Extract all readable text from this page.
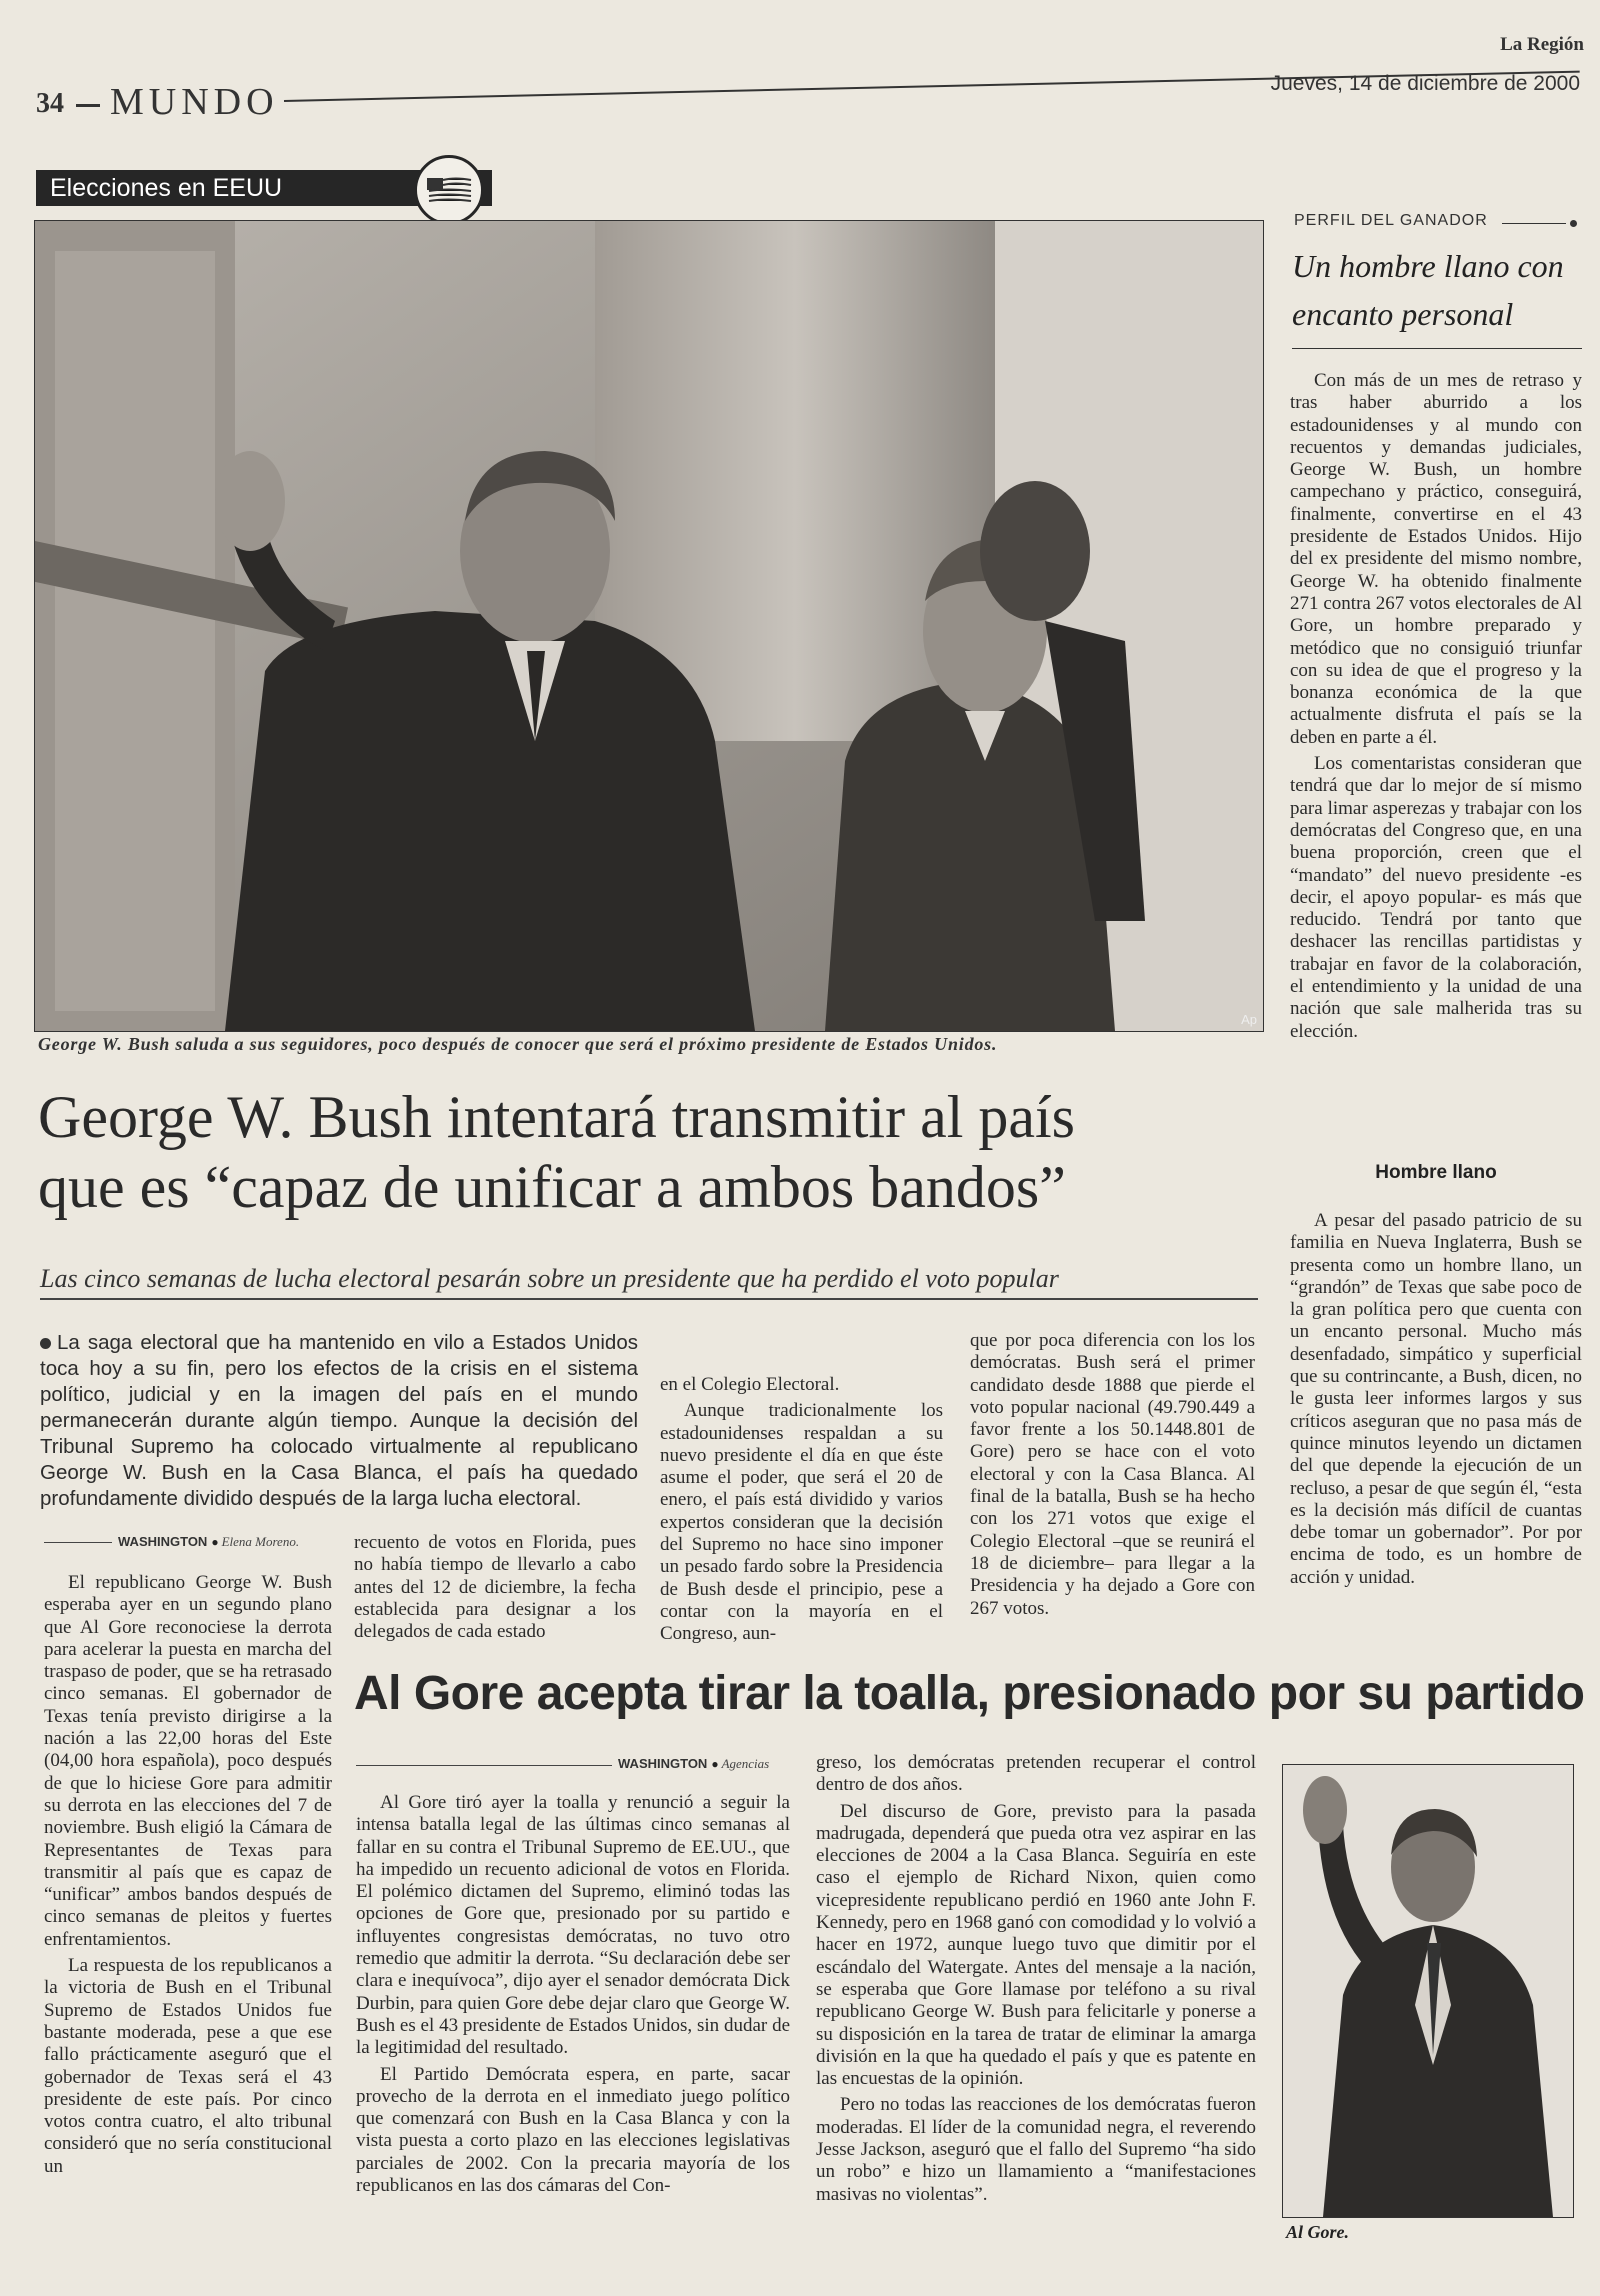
La Región
34 MUNDO	Jueves, 14 de diciembre de 2000
Elecciones en EEUU
Ap
George W. Bush saluda a sus seguidores, poco después de conocer que será el próximo presidente de Estados Unidos.
George W. Bush intentará transmitir al país
que es “capaz de unificar a ambos bandos”
Las cinco semanas de lucha electoral pesarán sobre un presidente que ha perdido el voto popular
La saga electoral que ha mantenido en vilo a Estados Unidos toca hoy a su fin, pero los efectos de la crisis en el sistema político, judicial y en la imagen del país en el mundo permanecerán durante algún tiempo. Aunque la decisión del Tribunal Supremo ha colocado virtualmente al republicano George W. Bush en la Casa Blanca, el país ha quedado profundamente dividido después de la larga lucha electoral.
WASHINGTON ● Elena Moreno.

El republicano George W. Bush esperaba ayer en un segundo plano que Al Gore reconociese la derrota para acelerar la puesta en marcha del traspaso de poder, que se ha retrasado cinco semanas. El gobernador de Texas tenía previsto dirigirse a la nación a las 22,00 horas del Este (04,00 hora española), poco después de que lo hiciese Gore para admitir su derrota en las elecciones del 7 de noviembre. Bush eligió la Cámara de Representantes de Texas para transmitir al país que es capaz de “unificar” ambos bandos después de cinco semanas de pleitos y fuertes enfrentamientos.

La respuesta de los republicanos a la victoria de Bush en el Tribunal Supremo de Estados Unidos fue bastante moderada, pese a que ese fallo prácticamente aseguró que el gobernador de Texas será el 43 presidente de este país. Por cinco votos contra cuatro, el alto tribunal consideró que no sería constitucional un

recuento de votos en Florida, pues no había tiempo de llevarlo a cabo antes del 12 de diciembre, la fecha establecida para designar a los delegados de cada estado

en el Colegio Electoral.

Aunque tradicionalmente los estadounidenses respaldan a su nuevo presidente el día en que éste asume el poder, que será el 20 de enero, el país está dividido y varios expertos consideran que la decisión del Supremo no hace sino imponer un pesado fardo sobre la Presidencia de Bush desde el principio, pese a contar con la mayoría en el Congreso, aun-

que por poca diferencia con los los demócratas. Bush será el primer candidato desde 1888 que pierde el voto popular nacional (49.790.449 a favor frente a los 50.1448.801 de Gore) pero se hace con el voto electoral y con la Casa Blanca. Al final de la batalla, Bush se ha hecho con los 271 votos que exige el Colegio Electoral –que se reunirá el 18 de diciembre– para llegar a la Presidencia y ha dejado a Gore con 267 votos.

PERFIL DEL GANADOR
Un hombre llano con encanto personal

Con más de un mes de retraso y tras haber aburrido a los estadounidenses y al mundo con recuentos y demandas judiciales, George W. Bush, un hombre campechano y práctico, conseguirá, finalmente, convertirse en el 43 presidente de Estados Unidos. Hijo del ex presidente del mismo nombre, George W. ha obtenido finalmente 271 contra 267 votos electorales de Al Gore, un hombre preparado y metódico que no consiguió triunfar con su idea de que el progreso y la bonanza económica de la que actualmente disfruta el país se la deben en parte a él.

Los comentaristas consideran que tendrá que dar lo mejor de sí mismo para limar asperezas y trabajar con los demócratas del Congreso que, en una buena proporción, creen que el “mandato” del nuevo presidente -es decir, el apoyo popular- es más que reducido. Tendrá por tanto que deshacer las rencillas partidistas y trabajar en favor de la colaboración, el entendimiento y la unidad de una nación que sale malherida tras su elección.

Hombre llano

A pesar del pasado patricio de su familia en Nueva Inglaterra, Bush se presenta como un hombre llano, un “grandón” de Texas que sabe poco de la gran política pero que cuenta con un encanto personal. Mucho más desenfadado, simpático y superficial que su contrincante, a Bush, dicen, no le gusta leer informes largos y sus críticos aseguran que no pasa más de quince minutos leyendo un dictamen del que depende la ejecución de un recluso, a pesar de que según él, “esta es la decisión más difícil de cuantas debe tomar un gobernador”. Por por encima de todo, es un hombre de acción y unidad.

Al Gore acepta tirar la toalla, presionado por su partido
WASHINGTON ● Agencias

Al Gore tiró ayer la toalla y renunció a seguir la intensa batalla legal de las últimas cinco semanas al fallar en su contra el Tribunal Supremo de EE.UU., que ha impedido un recuento adicional de votos en Florida. El polémico dictamen del Supremo, eliminó todas las opciones de Gore que, presionado por su partido e influyentes congresistas demócratas, no tuvo otro remedio que admitir la derrota. “Su declaración debe ser clara e inequívoca”, dijo ayer el senador demócrata Dick Durbin, para quien Gore debe dejar claro que George W. Bush es el 43 presidente de Estados Unidos, sin dudar de la legitimidad del resultado.

El Partido Demócrata espera, en parte, sacar provecho de la derrota en el inmediato juego político que comenzará con Bush en la Casa Blanca y con la vista puesta a corto plazo en las elecciones legislativas parciales de 2002. Con la precaria mayoría de los republicanos en las dos cámaras del Con-

greso, los demócratas pretenden recuperar el control dentro de dos años.

Del discurso de Gore, previsto para la pasada madrugada, dependerá que pueda otra vez aspirar en las elecciones de 2004 a la Casa Blanca. Seguiría en este caso el ejemplo de Richard Nixon, quien como vicepresidente republicano perdió en 1960 ante John F. Kennedy, pero en 1968 ganó con comodidad y lo volvió a hacer en 1972, aunque luego tuvo que dimitir por el escándalo del Watergate. Antes del mensaje a la nación, se esperaba que Gore llamase por teléfono a su rival republicano George W. Bush para felicitarle y ponerse a su disposición en la tarea de tratar de eliminar la amarga división en la que ha quedado el país y que es patente en las encuestas de la opinión.

Pero no todas las reacciones de los demócratas fueron moderadas. El líder de la comunidad negra, el reverendo Jesse Jackson, aseguró que el fallo del Supremo “ha sido un robo” e hizo un llamamiento a “manifestaciones masivas no violentas”.

Al Gore.
